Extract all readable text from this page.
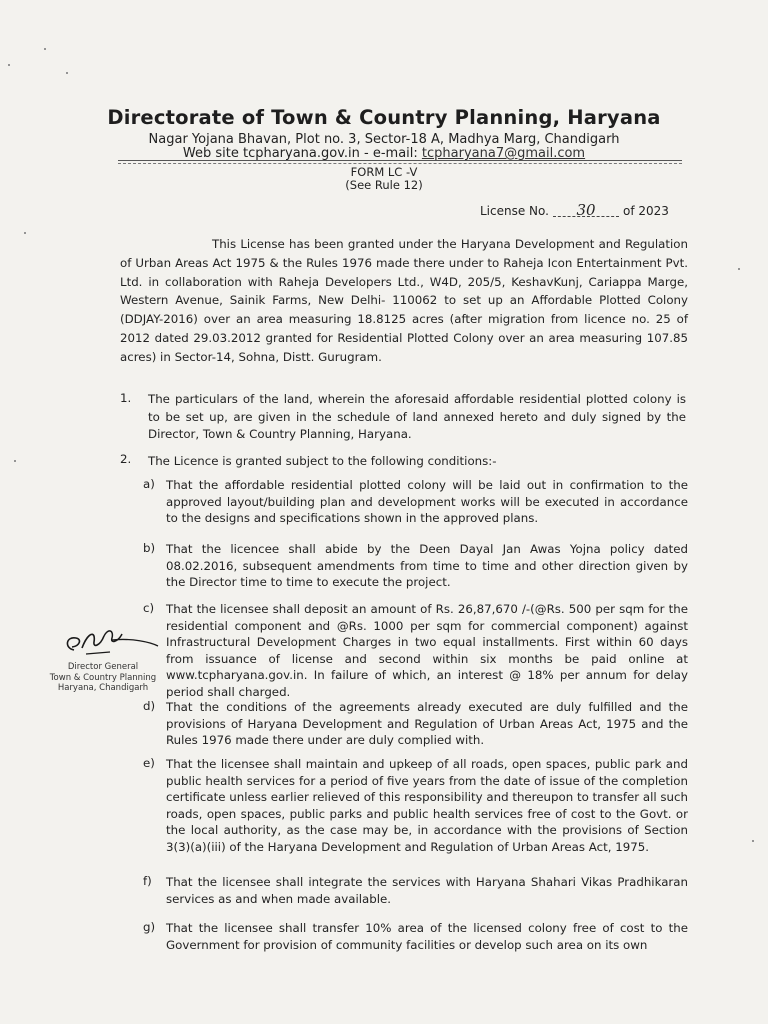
Directorate of Town & Country Planning, Haryana
Nagar Yojana Bhavan, Plot no. 3, Sector-18 A, Madhya Marg, Chandigarh
Web site tcpharyana.gov.in - e-mail: tcpharyana7@gmail.com
FORM LC -V
(See Rule 12)
License No. 30 of 2023
This License has been granted under the Haryana Development and Regulation of Urban Areas Act 1975 & the Rules 1976 made there under to Raheja Icon Entertainment Pvt. Ltd. in collaboration with Raheja Developers Ltd., W4D, 205/5, KeshavKunj, Cariappa Marge, Western Avenue, Sainik Farms, New Delhi- 110062 to set up an Affordable Plotted Colony (DDJAY-2016) over an area measuring 18.8125 acres (after migration from licence no. 25 of 2012 dated 29.03.2012 granted for Residential Plotted Colony over an area measuring 107.85 acres) in Sector-14, Sohna, Distt. Gurugram.
1. The particulars of the land, wherein the aforesaid affordable residential plotted colony is to be set up, are given in the schedule of land annexed hereto and duly signed by the Director, Town & Country Planning, Haryana.
2. The Licence is granted subject to the following conditions:-
a) That the affordable residential plotted colony will be laid out in confirmation to the approved layout/building plan and development works will be executed in accordance to the designs and specifications shown in the approved plans.
b) That the licencee shall abide by the Deen Dayal Jan Awas Yojna policy dated 08.02.2016, subsequent amendments from time to time and other direction given by the Director time to time to execute the project.
c) That the licensee shall deposit an amount of Rs. 26,87,670 /-(@Rs. 500 per sqm for the residential component and @Rs. 1000 per sqm for commercial component) against Infrastructural Development Charges in two equal installments. First within 60 days from issuance of license and second within six months be paid online at www.tcpharyana.gov.in. In failure of which, an interest @ 18% per annum for delay period shall charged.
d) That the conditions of the agreements already executed are duly fulfilled and the provisions of Haryana Development and Regulation of Urban Areas Act, 1975 and the Rules 1976 made there under are duly complied with.
e) That the licensee shall maintain and upkeep of all roads, open spaces, public park and public health services for a period of five years from the date of issue of the completion certificate unless earlier relieved of this responsibility and thereupon to transfer all such roads, open spaces, public parks and public health services free of cost to the Govt. or the local authority, as the case may be, in accordance with the provisions of Section 3(3)(a)(iii) of the Haryana Development and Regulation of Urban Areas Act, 1975.
f) That the licensee shall integrate the services with Haryana Shahari Vikas Pradhikaran services as and when made available.
g) That the licensee shall transfer 10% area of the licensed colony free of cost to the Government for provision of community facilities or develop such area on its own
Director General
Town & Country Planning
Haryana, Chandigarh
